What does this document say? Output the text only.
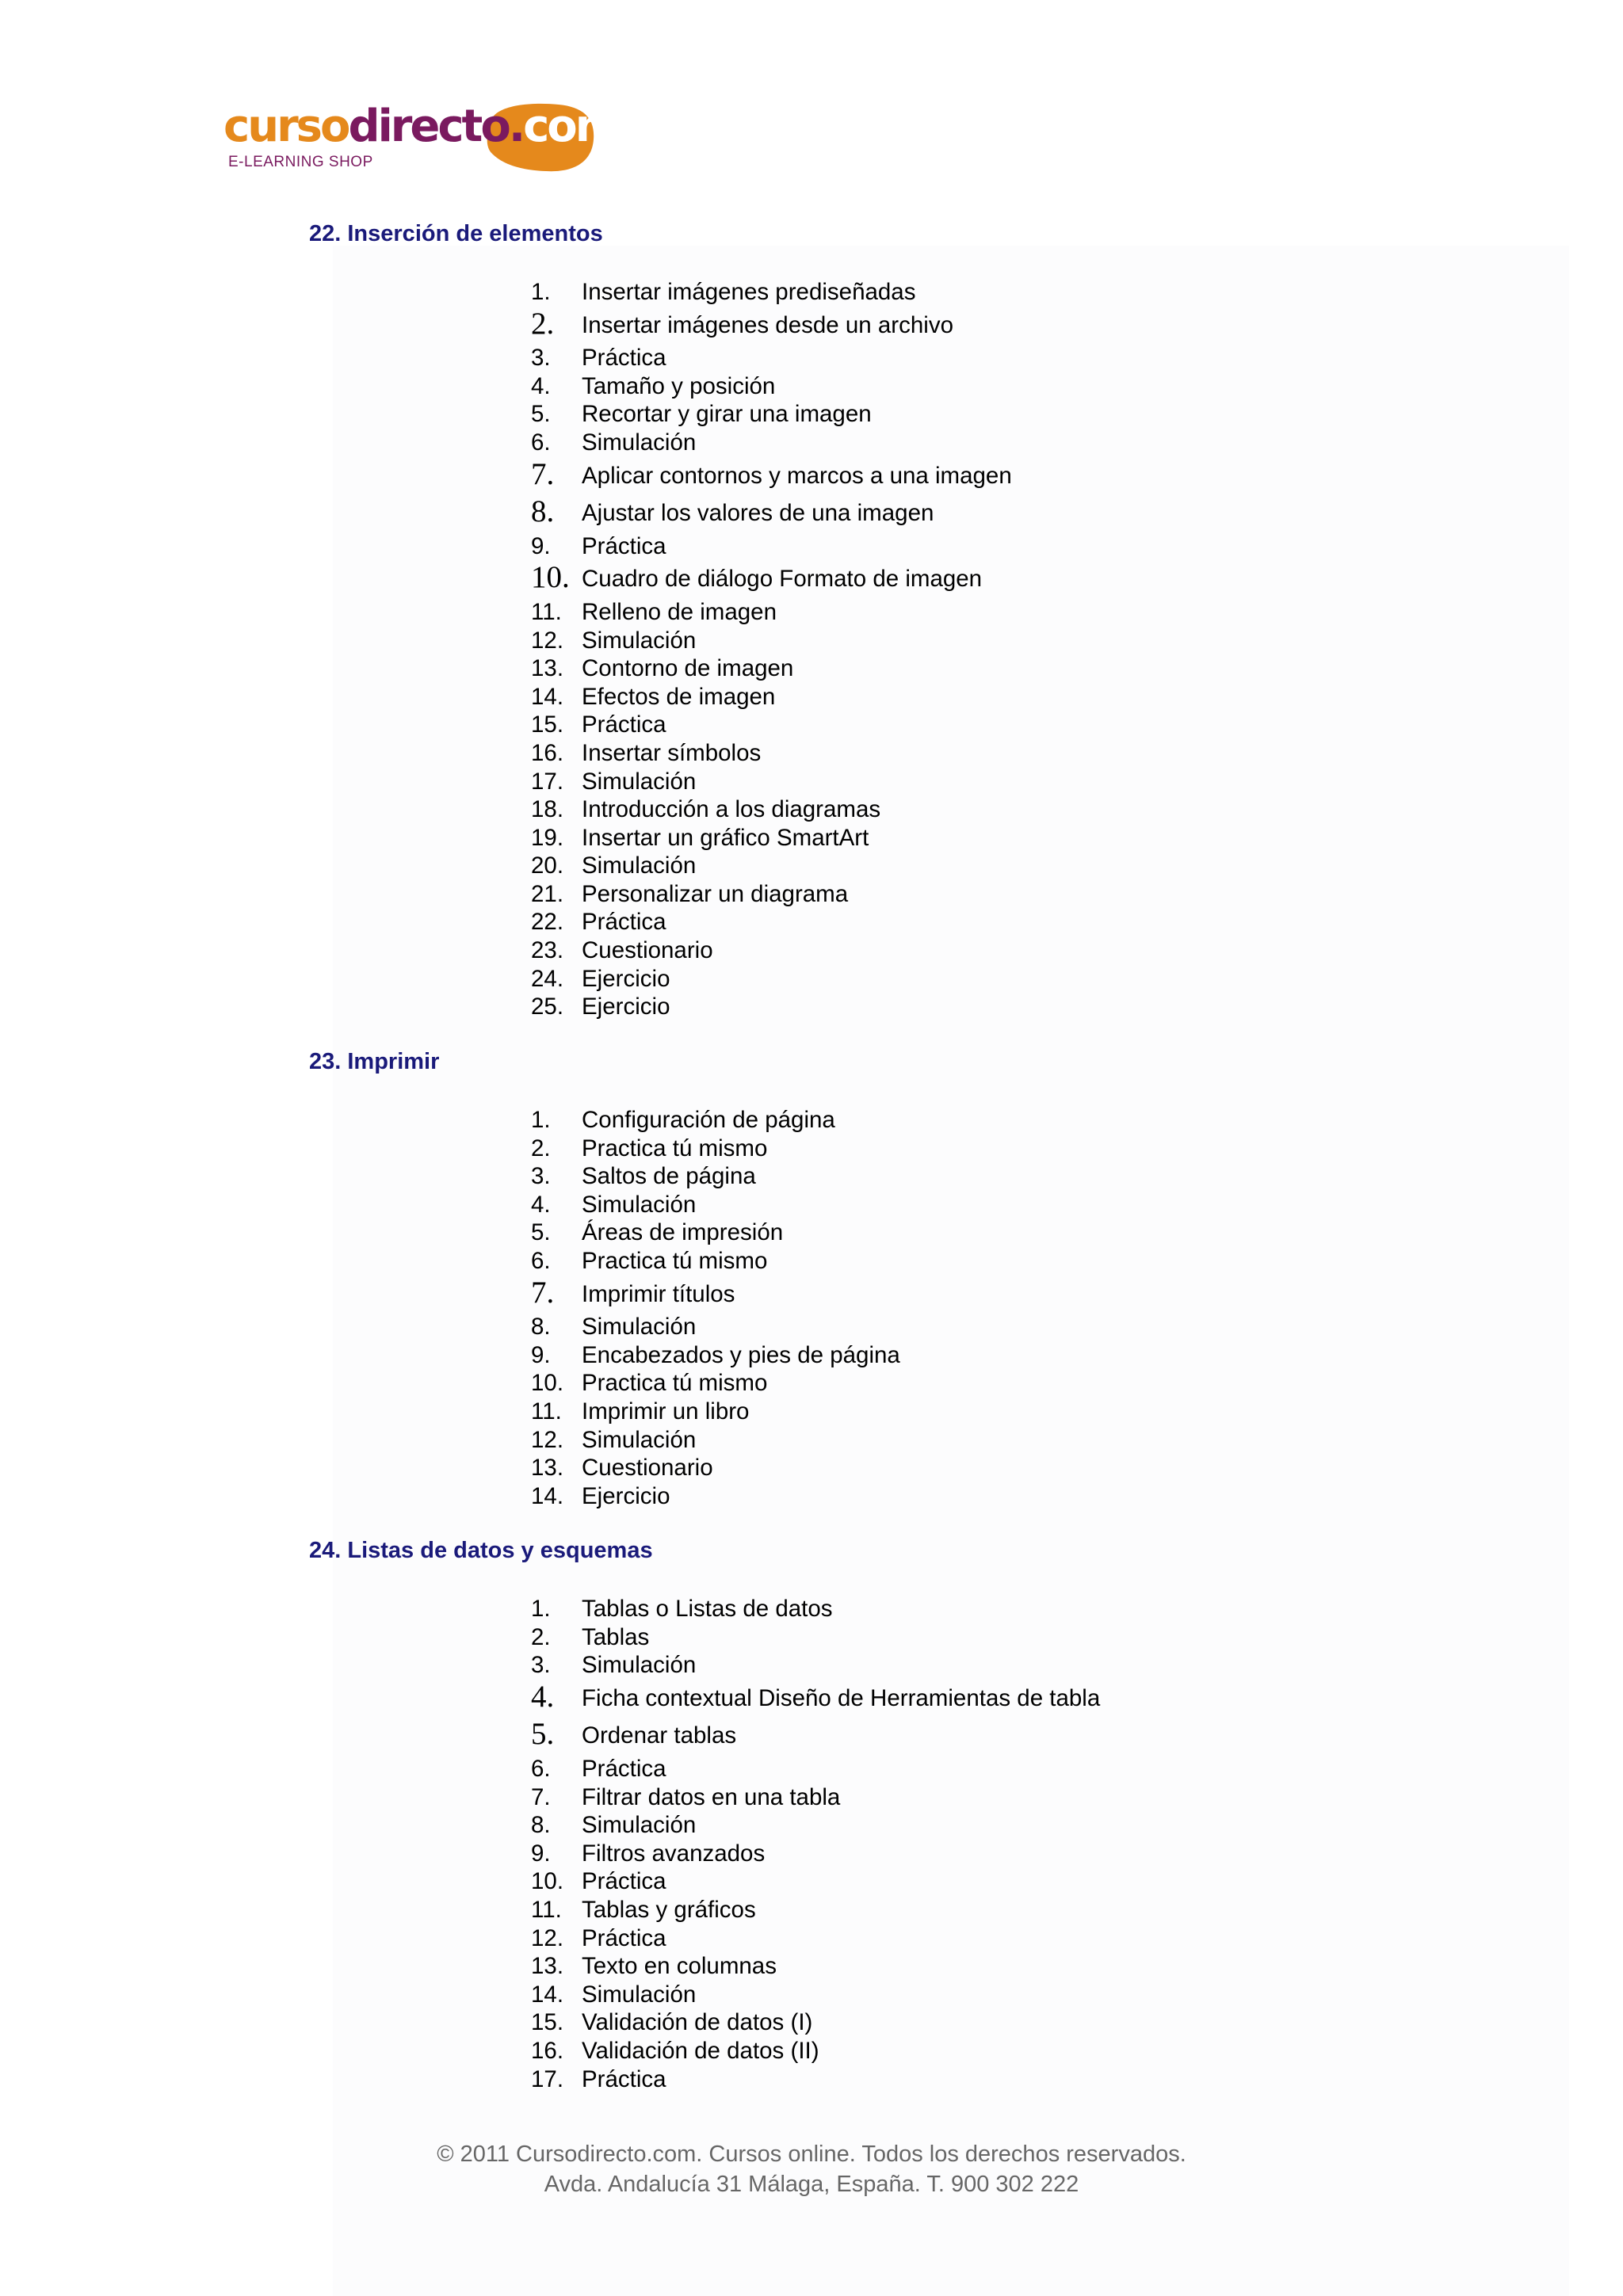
cursodirecto.com
E-LEARNING SHOP
22. Inserción de elementos
1. Insertar imágenes prediseñadas
2. Insertar imágenes desde un archivo
3. Práctica
4. Tamaño y posición
5. Recortar y girar una imagen
6. Simulación
7. Aplicar contornos y marcos a una imagen
8. Ajustar los valores de una imagen
9. Práctica
10. Cuadro de diálogo Formato de imagen
11. Relleno de imagen
12. Simulación
13. Contorno de imagen
14. Efectos de imagen
15. Práctica
16. Insertar símbolos
17. Simulación
18. Introducción a los diagramas
19. Insertar un gráfico SmartArt
20. Simulación
21. Personalizar un diagrama
22. Práctica
23. Cuestionario
24. Ejercicio
25. Ejercicio
23. Imprimir
1. Configuración de página
2. Practica tú mismo
3. Saltos de página
4. Simulación
5. Áreas de impresión
6. Practica tú mismo
7. Imprimir títulos
8. Simulación
9. Encabezados y pies de página
10. Practica tú mismo
11. Imprimir un libro
12. Simulación
13. Cuestionario
14. Ejercicio
24. Listas de datos y esquemas
1. Tablas o Listas de datos
2. Tablas
3. Simulación
4. Ficha contextual Diseño de Herramientas de tabla
5. Ordenar tablas
6. Práctica
7. Filtrar datos en una tabla
8. Simulación
9. Filtros avanzados
10. Práctica
11. Tablas y gráficos
12. Práctica
13. Texto en columnas
14. Simulación
15. Validación de datos (I)
16. Validación de datos (II)
17. Práctica

© 2011 Cursodirecto.com. Cursos online. Todos los derechos reservados.

Avda. Andalucía 31 Málaga, España. T. 900 302 222
